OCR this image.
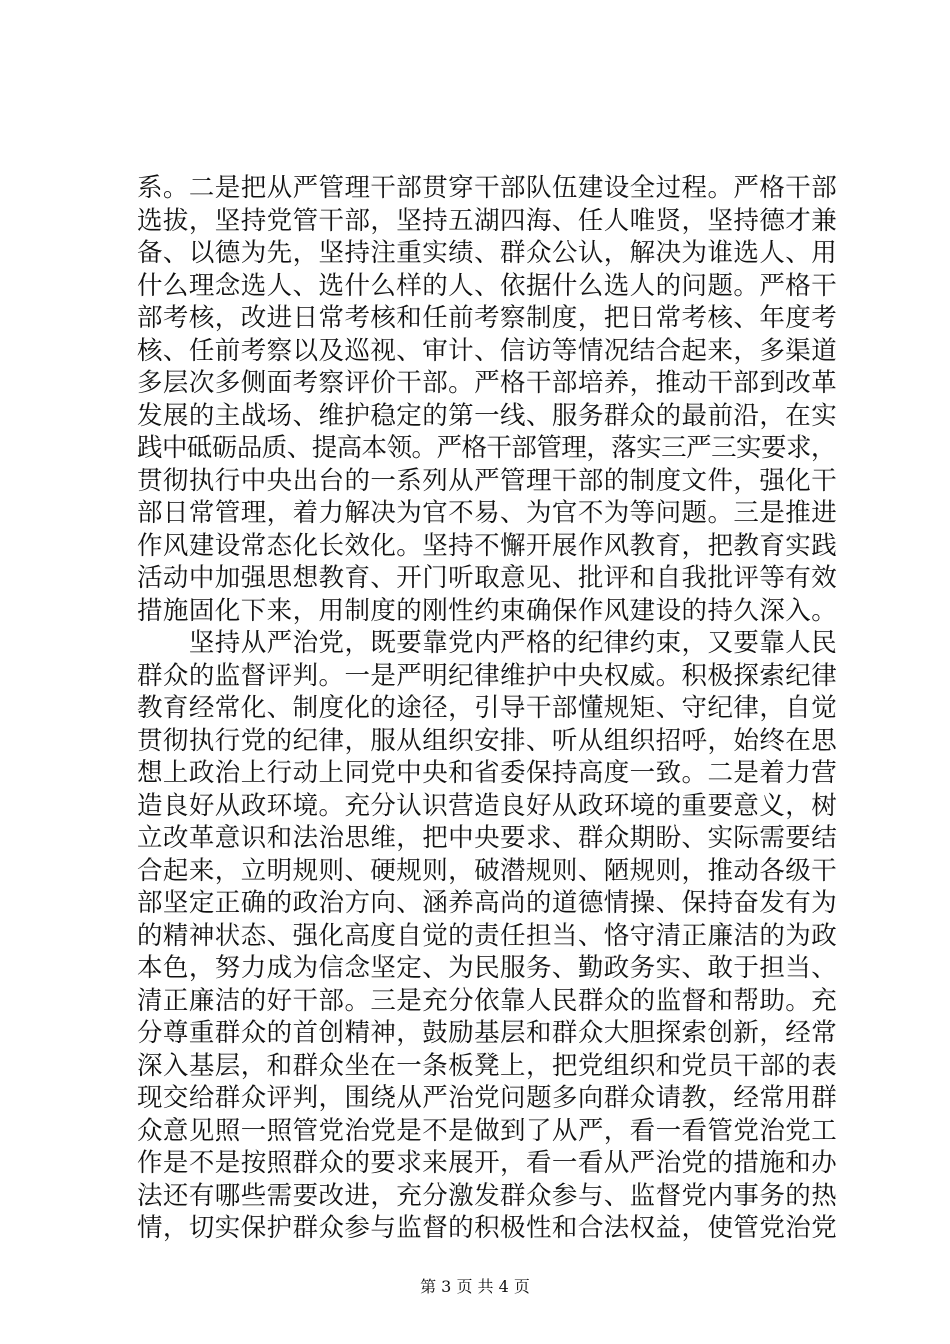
系。二是把从严管理干部贯穿干部队伍建设全过程。严格干部
选拔，坚持党管干部，坚持五湖四海、任人唯贤，坚持德才兼
备、以德为先，坚持注重实绩、群众公认，解决为谁选人、用
什么理念选人、选什么样的人、依据什么选人的问题。严格干
部考核，改进日常考核和任前考察制度，把日常考核、年度考
核、任前考察以及巡视、审计、信访等情况结合起来，多渠道
多层次多侧面考察评价干部。严格干部培养，推动干部到改革
发展的主战场、维护稳定的第一线、服务群众的最前沿，在实
践中砥砺品质、提高本领。严格干部管理，落实三严三实要求，
贯彻执行中央出台的一系列从严管理干部的制度文件，强化干
部日常管理，着力解决为官不易、为官不为等问题。三是推进
作风建设常态化长效化。坚持不懈开展作风教育，把教育实践
活动中加强思想教育、开门听取意见、批评和自我批评等有效
措施固化下来，用制度的刚性约束确保作风建设的持久深入。
　　坚持从严治党，既要靠党内严格的纪律约束，又要靠人民
群众的监督评判。一是严明纪律维护中央权威。积极探索纪律
教育经常化、制度化的途径，引导干部懂规矩、守纪律，自觉
贯彻执行党的纪律，服从组织安排、听从组织招呼，始终在思
想上政治上行动上同党中央和省委保持高度一致。二是着力营
造良好从政环境。充分认识营造良好从政环境的重要意义，树
立改革意识和法治思维，把中央要求、群众期盼、实际需要结
合起来，立明规则、硬规则，破潜规则、陋规则，推动各级干
部坚定正确的政治方向、涵养高尚的道德情操、保持奋发有为
的精神状态、强化高度自觉的责任担当、恪守清正廉洁的为政
本色，努力成为信念坚定、为民服务、勤政务实、敢于担当、
清正廉洁的好干部。三是充分依靠人民群众的监督和帮助。充
分尊重群众的首创精神，鼓励基层和群众大胆探索创新，经常
深入基层，和群众坐在一条板凳上，把党组织和党员干部的表
现交给群众评判，围绕从严治党问题多向群众请教，经常用群
众意见照一照管党治党是不是做到了从严，看一看管党治党工
作是不是按照群众的要求来展开，看一看从严治党的措施和办
法还有哪些需要改进，充分激发群众参与、监督党内事务的热
情，切实保护群众参与监督的积极性和合法权益，使管党治党
第 3 页 共 4 页
